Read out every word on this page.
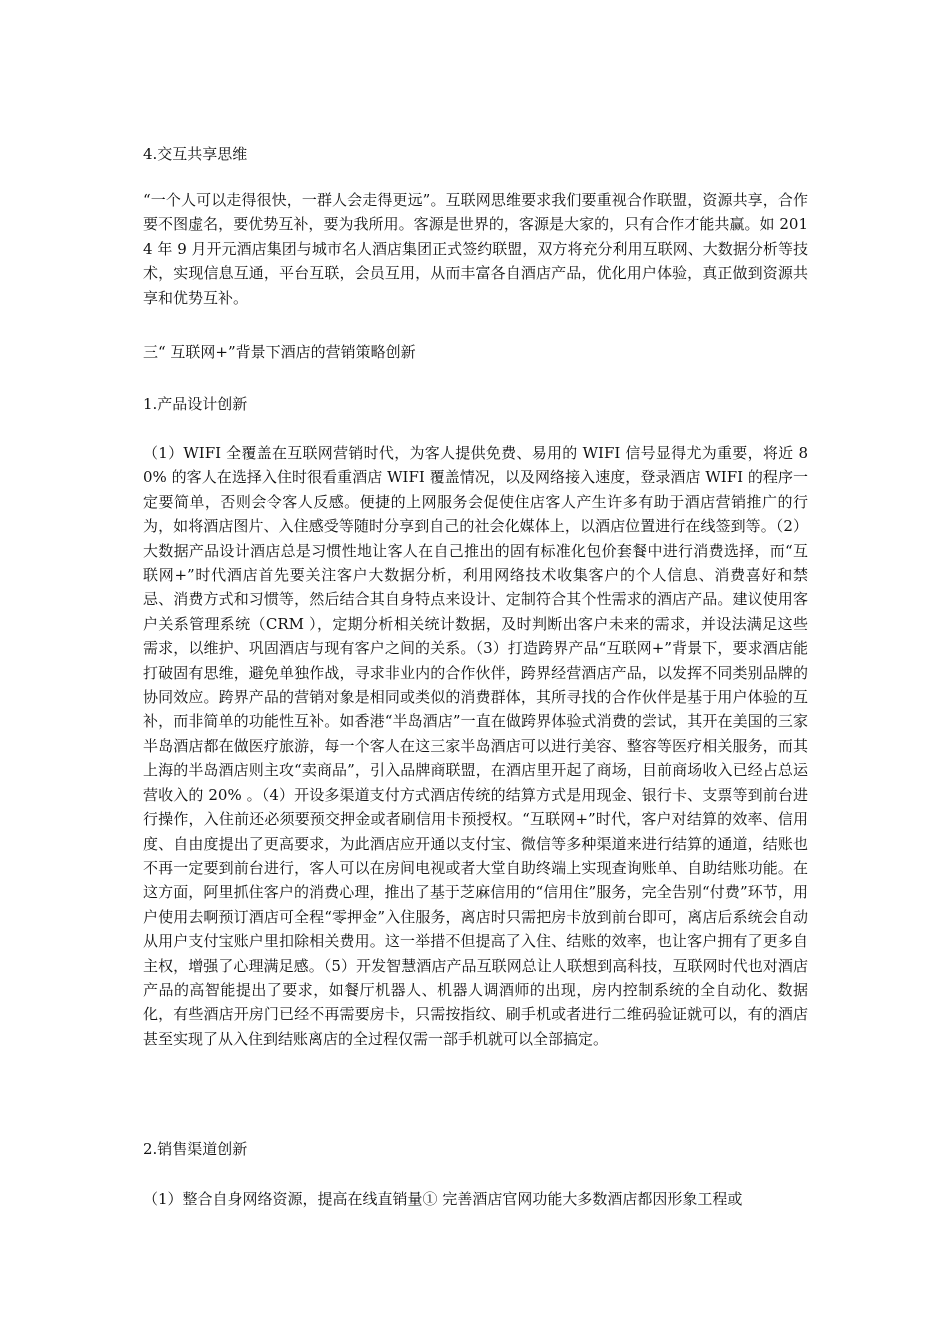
4.交互共享思维

“一个人可以走得很快，一群人会走得更远”。互联网思维要求我们要重视合作联盟，资源共享，合作要不图虚名，要优势互补，要为我所用。客源是世界的，客源是大家的，只有合作才能共赢。如 2014 年 9 月开元酒店集团与城市名人酒店集团正式签约联盟，双方将充分利用互联网、大数据分析等技术，实现信息互通，平台互联，会员互用，从而丰富各自酒店产品，优化用户体验，真正做到资源共享和优势互补。

三“ 互联网+”背景下酒店的营销策略创新

1.产品设计创新

（1）WIFI 全覆盖在互联网营销时代，为客人提供免费、易用的 WIFI 信号显得尤为重要，将近 80% 的客人在选择入住时很看重酒店 WIFI 覆盖情况，以及网络接入速度，登录酒店 WIFI 的程序一定要简单，否则会令客人反感。便捷的上网服务会促使住店客人产生许多有助于酒店营销推广的行为，如将酒店图片、入住感受等随时分享到自己的社会化媒体上，以酒店位置进行在线签到等。（2）大数据产品设计酒店总是习惯性地让客人在自己推出的固有标准化包价套餐中进行消费选择，而“互联网+”时代酒店首先要关注客户大数据分析，利用网络技术收集客户的个人信息、消费喜好和禁忌、消费方式和习惯等，然后结合其自身特点来设计、定制符合其个性需求的酒店产品。建议使用客户关系管理系统（CRM ），定期分析相关统计数据，及时判断出客户未来的需求，并设法满足这些需求，以维护、巩固酒店与现有客户之间的关系。（3）打造跨界产品“互联网+”背景下，要求酒店能打破固有思维，避免单独作战，寻求非业内的合作伙伴，跨界经营酒店产品，以发挥不同类别品牌的协同效应。跨界产品的营销对象是相同或类似的消费群体，其所寻找的合作伙伴是基于用户体验的互补，而非简单的功能性互补。如香港“半岛酒店”一直在做跨界体验式消费的尝试，其开在美国的三家半岛酒店都在做医疗旅游，每一个客人在这三家半岛酒店可以进行美容、整容等医疗相关服务，而其上海的半岛酒店则主攻“卖商品”，引入品牌商联盟，在酒店里开起了商场，目前商场收入已经占总运营收入的 20% 。（4）开设多渠道支付方式酒店传统的结算方式是用现金、银行卡、支票等到前台进行操作，入住前还必须要预交押金或者刷信用卡预授权。“互联网+”时代，客户对结算的效率、信用度、自由度提出了更高要求，为此酒店应开通以支付宝、微信等多种渠道来进行结算的通道，结账也不再一定要到前台进行，客人可以在房间电视或者大堂自助终端上实现查询账单、自助结账功能。在这方面，阿里抓住客户的消费心理，推出了基于芝麻信用的“信用住”服务，完全告别“付费”环节，用户使用去啊预订酒店可全程“零押金”入住服务，离店时只需把房卡放到前台即可，离店后系统会自动从用户支付宝账户里扣除相关费用。这一举措不但提高了入住、结账的效率，也让客户拥有了更多自主权，增强了心理满足感。（5）开发智慧酒店产品互联网总让人联想到高科技，互联网时代也对酒店产品的高智能提出了要求，如餐厅机器人、机器人调酒师的出现，房内控制系统的全自动化、数据化，有些酒店开房门已经不再需要房卡，只需按指纹、刷手机或者进行二维码验证就可以，有的酒店甚至实现了从入住到结账离店的全过程仅需一部手机就可以全部搞定。

2.销售渠道创新

（1）整合自身网络资源，提高在线直销量① 完善酒店官网功能大多数酒店都因形象工程或
